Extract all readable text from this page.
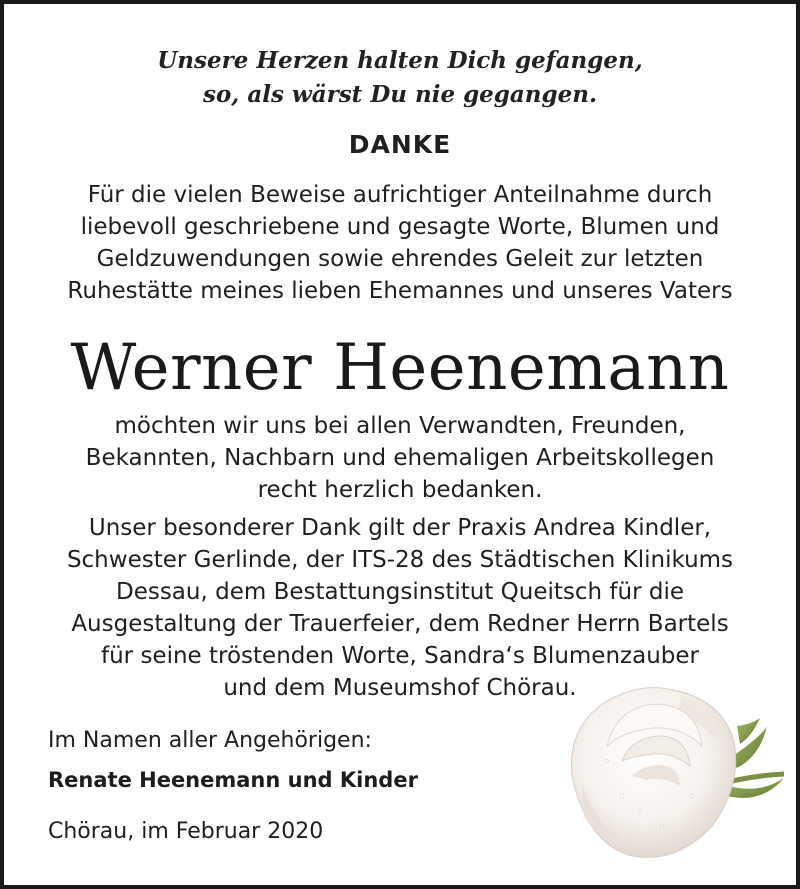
Unsere Herzen halten Dich gefangen,
so, als wärst Du nie gegangen.
DANKE
Für die vielen Beweise aufrichtiger Anteilnahme durch
liebevoll geschriebene und gesagte Worte, Blumen und
Geldzuwendungen sowie ehrendes Geleit zur letzten
Ruhestätte meines lieben Ehemannes und unseres Vaters
Werner Heenemann
möchten wir uns bei allen Verwandten, Freunden,
Bekannten, Nachbarn und ehemaligen Arbeitskollegen
recht herzlich bedanken.
Unser besonderer Dank gilt der Praxis Andrea Kindler,
Schwester Gerlinde, der ITS-28 des Städtischen Klinikums
Dessau, dem Bestattungsinstitut Queitsch für die
Ausgestaltung der Trauerfeier, dem Redner Herrn Bartels
für seine tröstenden Worte, Sandra‘s Blumenzauber
und dem Museumshof Chörau.
Im Namen aller Angehörigen:
Renate Heenemann und Kinder
Chörau, im Februar 2020
